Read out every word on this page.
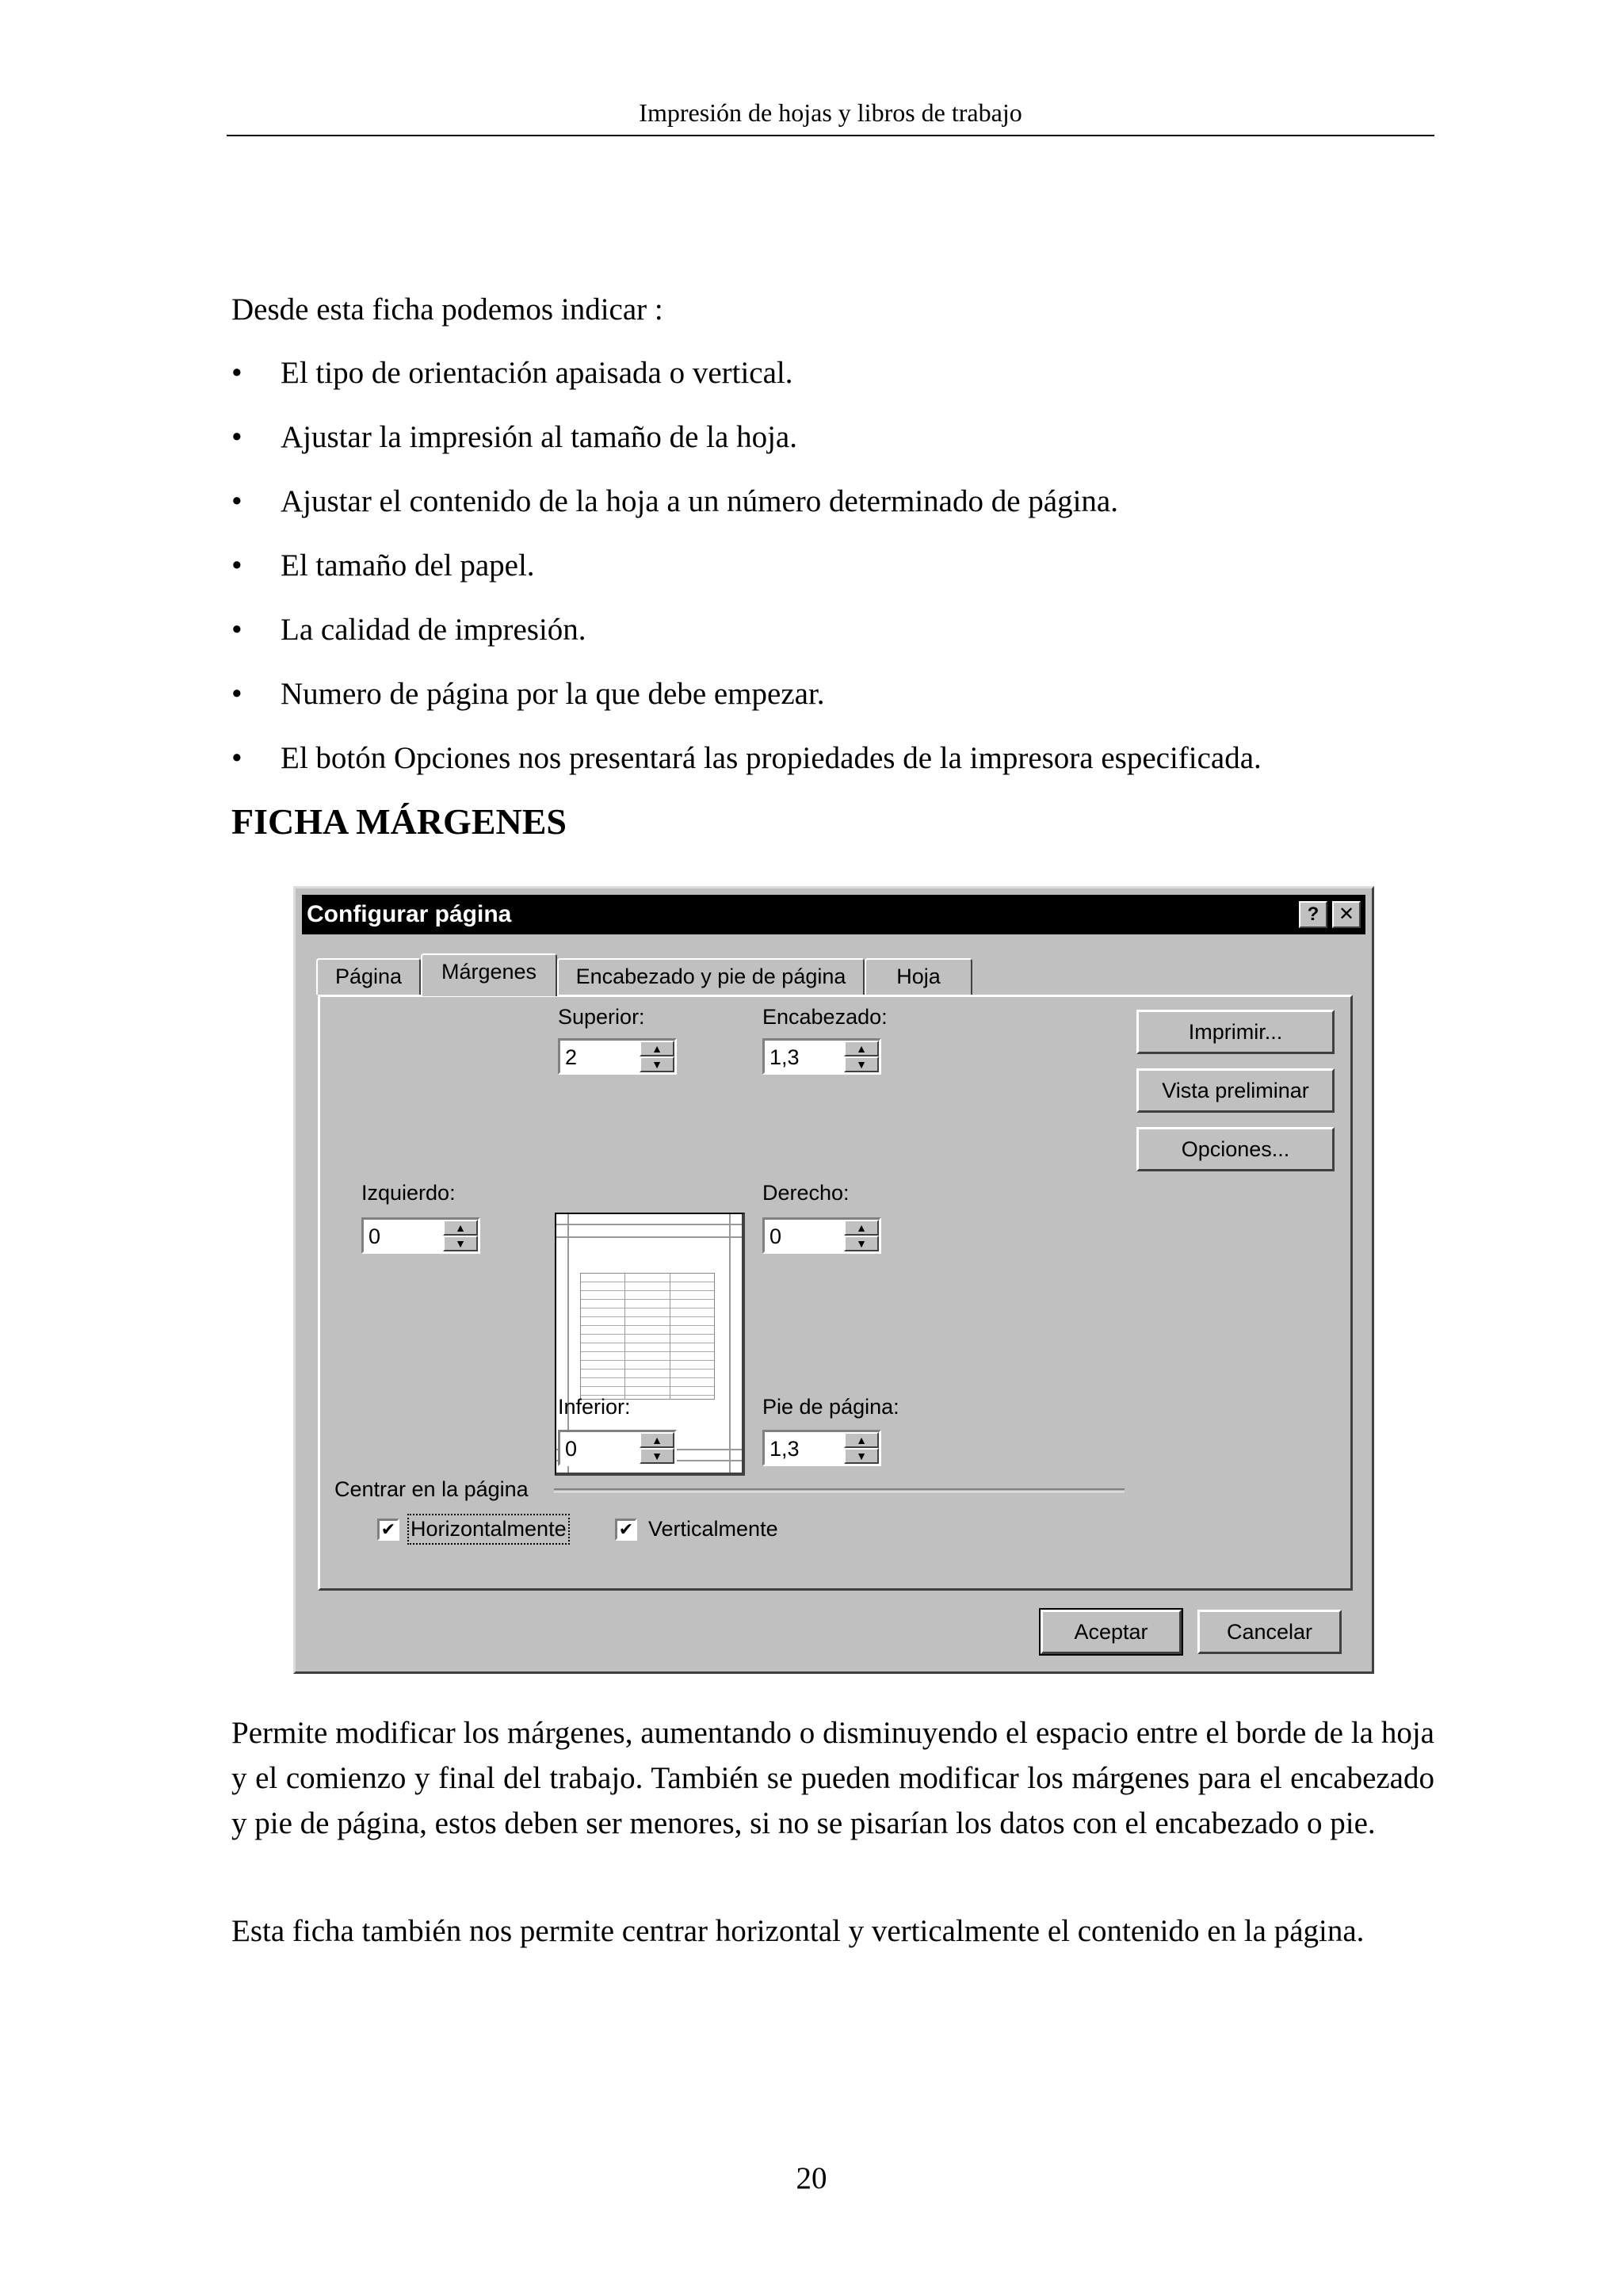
Impresión de hojas y libros de trabajo
Desde esta ficha podemos indicar :
• El tipo de orientación apaisada o vertical.
• Ajustar la impresión al tamaño de la hoja.
• Ajustar el contenido de la hoja a un número determinado de página.
• El tamaño del papel.
• La calidad de impresión.
• Numero de página por la que debe empezar.
• El botón Opciones nos presentará las propiedades de la impresora especificada.
FICHA MÁRGENES
Configurar página	?	✕
Página	Márgenes	Encabezado y pie de página	Hoja
Superior:
2	▲
▼
Encabezado:
1,3	▲
▼
Izquierdo:
0	▲
▼
Derecho:
0	▲
▼
Inferior:
0	▲
▼
Pie de página:
1,3	▲
▼
Imprimir...
Vista preliminar
Opciones...
Centrar en la página
✔ Horizontalmente	✔ Verticalmente
Aceptar	Cancelar

Permite modificar los márgenes, aumentando o disminuyendo el espacio entre el borde de la hoja y el comienzo y final del trabajo. También se pueden modificar los márgenes para el encabezado y pie de página, estos deben ser menores, si no se pisarían los datos con el encabezado o pie.

Esta ficha también nos permite centrar horizontal y verticalmente el contenido en la página.

20
